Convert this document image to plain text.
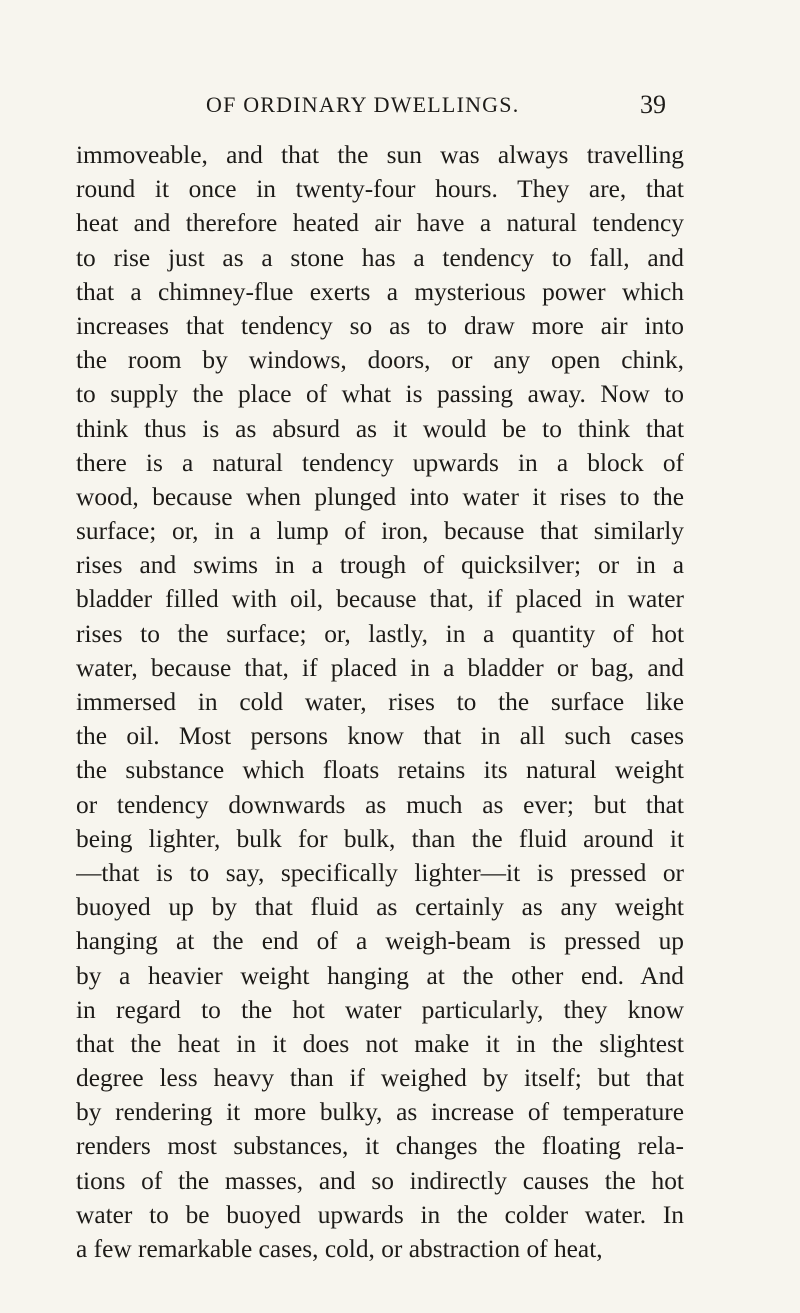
OF ORDINARY DWELLINGS.	39
immoveable, and that the sun was always travelling
round it once in twenty-four hours. They are, that
heat and therefore heated air have a natural tendency
to rise just as a stone has a tendency to fall, and
that a chimney-flue exerts a mysterious power which
increases that tendency so as to draw more air into
the room by windows, doors, or any open chink,
to supply the place of what is passing away. Now to
think thus is as absurd as it would be to think that
there is a natural tendency upwards in a block of
wood, because when plunged into water it rises to the
surface; or, in a lump of iron, because that similarly
rises and swims in a trough of quicksilver; or in a
bladder filled with oil, because that, if placed in water
rises to the surface; or, lastly, in a quantity of hot
water, because that, if placed in a bladder or bag, and
immersed in cold water, rises to the surface like
the oil. Most persons know that in all such cases
the substance which floats retains its natural weight
or tendency downwards as much as ever; but that
being lighter, bulk for bulk, than the fluid around it
—that is to say, specifically lighter—it is pressed or
buoyed up by that fluid as certainly as any weight
hanging at the end of a weigh-beam is pressed up
by a heavier weight hanging at the other end. And
in regard to the hot water particularly, they know
that the heat in it does not make it in the slightest
degree less heavy than if weighed by itself; but that
by rendering it more bulky, as increase of temperature
renders most substances, it changes the floating rela-
tions of the masses, and so indirectly causes the hot
water to be buoyed upwards in the colder water. In
a few remarkable cases, cold, or abstraction of heat,
